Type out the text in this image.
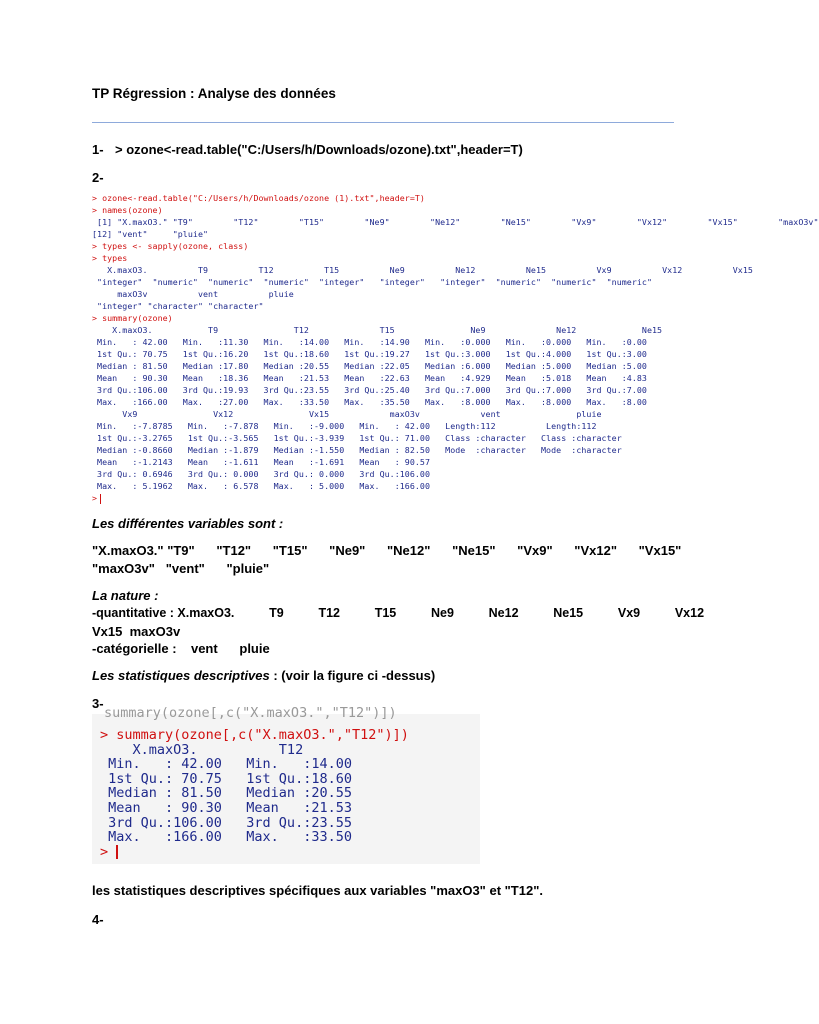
TP Régression : Analyse des données
1- > ozone<-read.table("C:/Users/h/Downloads/ozone).txt",header=T)
2-
> ozone<-read.table("C:/Users/h/Downloads/ozone (1).txt",header=T)
> names(ozone)
[1] "X.maxO3." "T9"        "T12"        "T15"        "Ne9"        "Ne12"        "Ne15"        "Vx9"        "Vx12"        "Vx15"        "maxO3v"
[12] "vent"     "pluie"
> types <- sapply(ozone, class)
> types
X.maxO3.          T9          T12          T15          Ne9          Ne12          Ne15          Vx9          Vx12          Vx15
"integer"  "numeric"  "numeric"  "numeric"  "integer"   "integer"   "integer"  "numeric"  "numeric"  "numeric"
maxO3v          vent          pluie
"integer" "character" "character"
> summary(ozone)
X.maxO3.           T9               T12              T15               Ne9              Ne12             Ne15
Min.   : 42.00   Min.   :11.30   Min.   :14.00   Min.   :14.90   Min.   :0.000   Min.   :0.000   Min.   :0.00
1st Qu.: 70.75   1st Qu.:16.20   1st Qu.:18.60   1st Qu.:19.27   1st Qu.:3.000   1st Qu.:4.000   1st Qu.:3.00
Median : 81.50   Median :17.80   Median :20.55   Median :22.05   Median :6.000   Median :5.000   Median :5.00
Mean   : 90.30   Mean   :18.36   Mean   :21.53   Mean   :22.63   Mean   :4.929   Mean   :5.018   Mean   :4.83
3rd Qu.:106.00   3rd Qu.:19.93   3rd Qu.:23.55   3rd Qu.:25.40   3rd Qu.:7.000   3rd Qu.:7.000   3rd Qu.:7.00
Max.   :166.00   Max.   :27.00   Max.   :33.50   Max.   :35.50   Max.   :8.000   Max.   :8.000   Max.   :8.00
Vx9               Vx12               Vx15            maxO3v            vent               pluie
Min.   :-7.8785   Min.   :-7.878   Min.   :-9.000   Min.   : 42.00   Length:112          Length:112
1st Qu.:-3.2765   1st Qu.:-3.565   1st Qu.:-3.939   1st Qu.: 71.00   Class :character   Class :character
Median :-0.8660   Median :-1.879   Median :-1.550   Median : 82.50   Mode  :character   Mode  :character
Mean   :-1.2143   Mean   :-1.611   Mean   :-1.691   Mean   : 90.57
3rd Qu.: 0.6946   3rd Qu.: 0.000   3rd Qu.: 0.000   3rd Qu.:106.00
Max.   : 5.1962   Max.   : 6.578   Max.   : 5.000   Max.   :166.00
>
Les différentes variables sont :
"X.maxO3." "T9"      "T12"      "T15"      "Ne9"      "Ne12"      "Ne15"      "Vx9"      "Vx12"      "Vx15"
"maxO3v"   "vent"      "pluie"
La nature :
-quantitative : X.maxO3.          T9          T12          T15          Ne9          Ne12          Ne15          Vx9          Vx12
Vx15  maxO3v
-catégorielle :    vent      pluie
Les statistiques descriptives : (voir la figure ci -dessus)
3-
summary(ozone[,c("X.maxO3.","T12")])
> summary(ozone[,c("X.maxO3.","T12")])
X.maxO3.          T12
Min.   : 42.00   Min.   :14.00
1st Qu.: 70.75   1st Qu.:18.60
Median : 81.50   Median :20.55
Mean   : 90.30   Mean   :21.53
3rd Qu.:106.00   3rd Qu.:23.55
Max.   :166.00   Max.   :33.50
>
les statistiques descriptives spécifiques aux variables "maxO3" et "T12".
4-
